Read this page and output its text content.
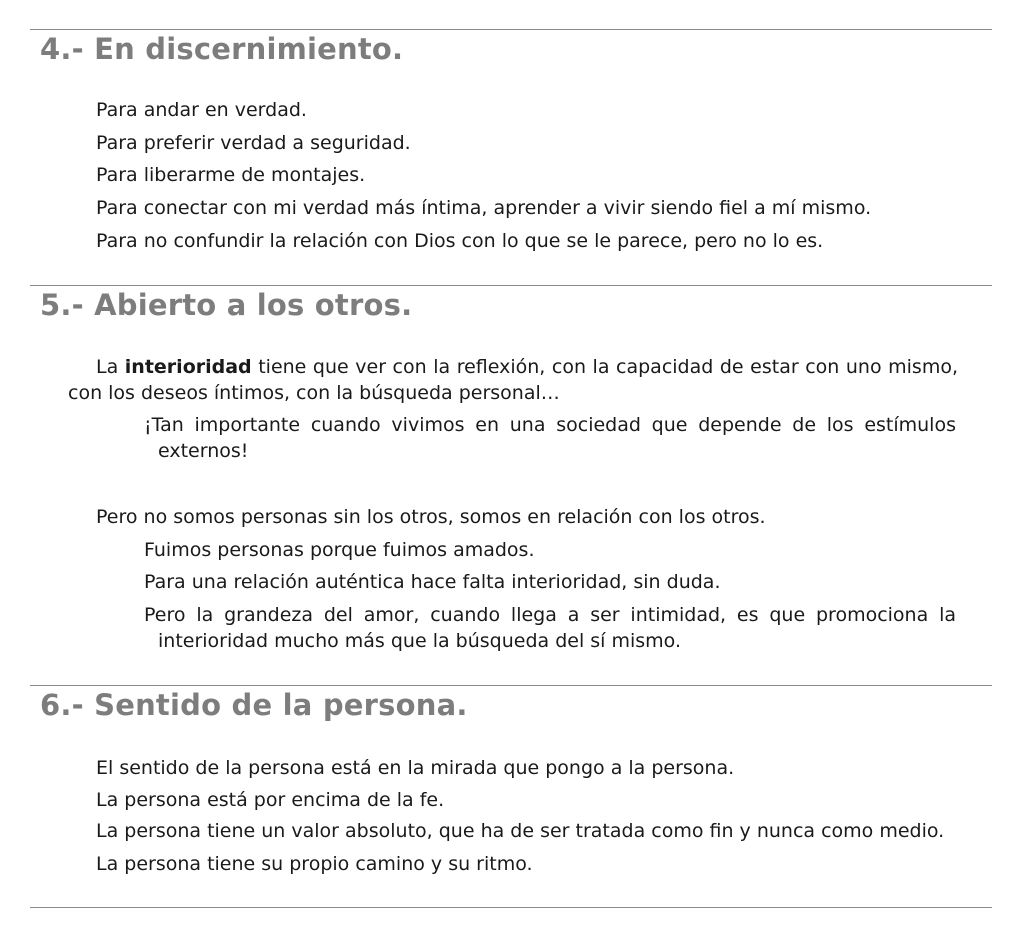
4.- En discernimiento.

Para andar en verdad.

Para preferir verdad a seguridad.

Para liberarme de montajes.

Para conectar con mi verdad más íntima, aprender a vivir siendo fiel a mí mismo.

Para no confundir la relación con Dios con lo que se le parece, pero no lo es.

5.- Abierto a los otros.

La interioridad tiene que ver con la reflexión, con la capacidad de estar con uno mismo, con los deseos íntimos, con la búsqueda personal…

¡Tan importante cuando vivimos en una sociedad que depende de los estímulos externos!

Pero no somos personas sin los otros, somos en relación con los otros.

Fuimos personas porque fuimos amados.

Para una relación auténtica hace falta interioridad, sin duda.

Pero la grandeza del amor, cuando llega a ser intimidad, es que promociona la interioridad mucho más que la búsqueda del sí mismo.

6.- Sentido de la persona.

El sentido de la persona está en la mirada que pongo a la persona.

La persona está por encima de la fe.

La persona tiene un valor absoluto, que ha de ser tratada como fin y nunca como medio.

La persona tiene su propio camino y su ritmo.
